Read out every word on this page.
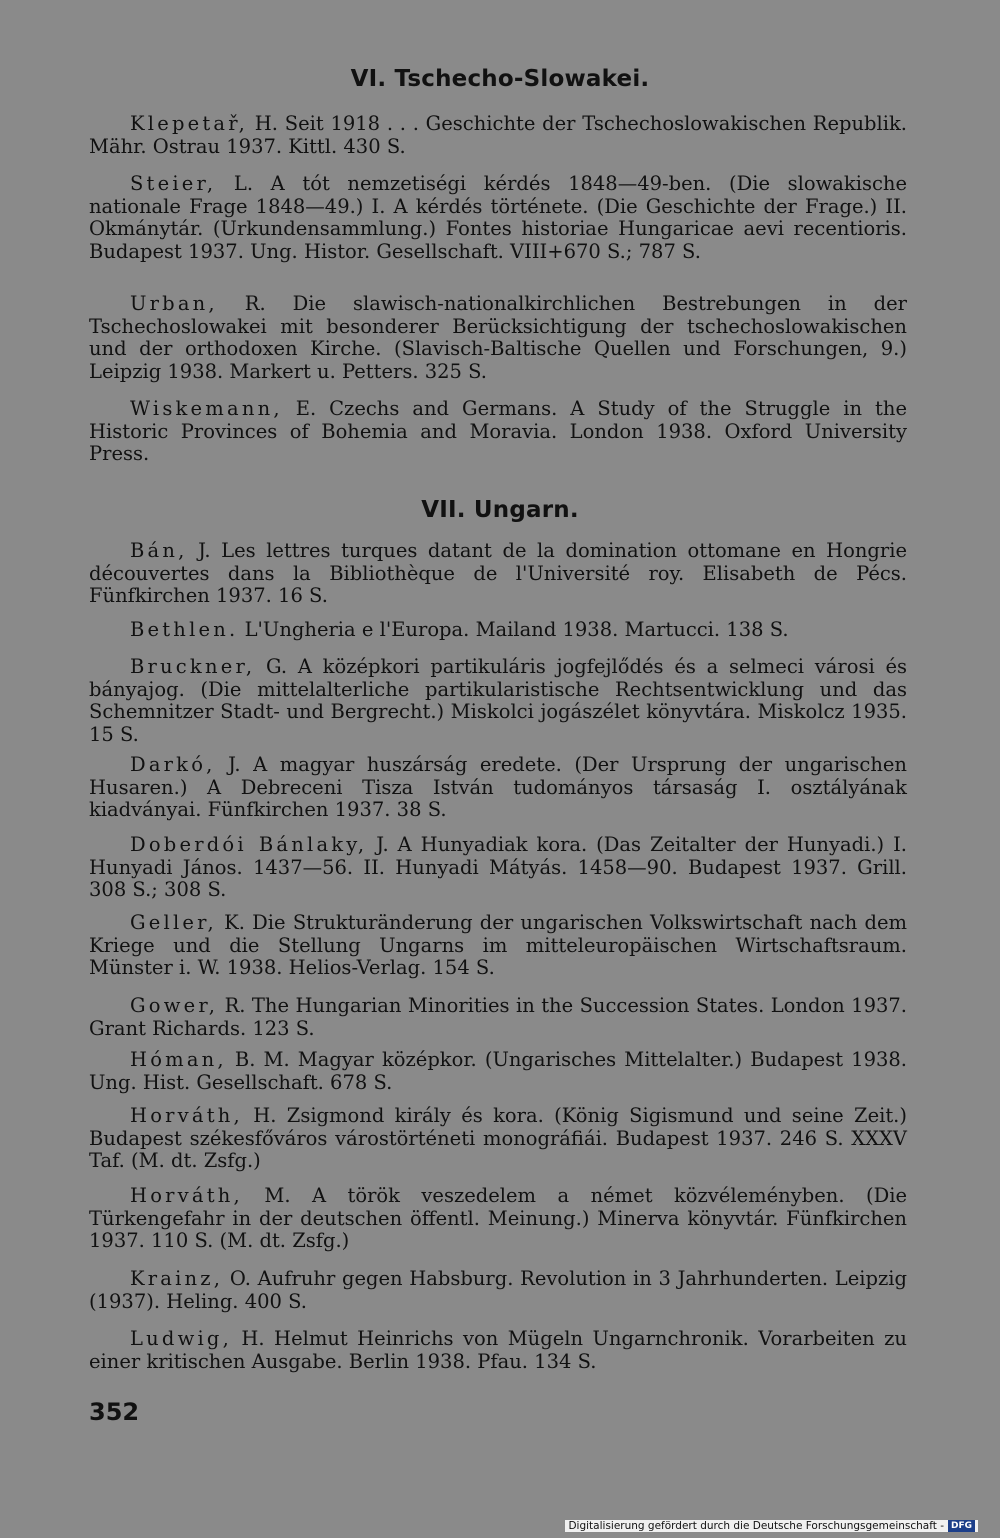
VI. Tschecho-Slowakei.
Klepetař, H. Seit 1918 . . . Geschichte der Tschechoslowakischen Republik. Mähr. Ostrau 1937. Kittl. 430 S.
Steier, L. A tót nemzetiségi kérdés 1848—49-ben. (Die slowakische nationale Frage 1848—49.) I. A kérdés története. (Die Geschichte der Frage.) II. Okmánytár. (Urkundensammlung.) Fontes historiae Hungaricae aevi recentioris. Budapest 1937. Ung. Histor. Gesellschaft. VIII+670 S.; 787 S.
Urban, R. Die slawisch-nationalkirchlichen Bestrebungen in der Tschechoslowakei mit besonderer Berücksichtigung der tschechoslowakischen und der orthodoxen Kirche. (Slavisch-Baltische Quellen und Forschungen, 9.) Leipzig 1938. Markert u. Petters. 325 S.
Wiskemann, E. Czechs and Germans. A Study of the Struggle in the Historic Provinces of Bohemia and Moravia. London 1938. Oxford University Press.
VII. Ungarn.
Bán, J. Les lettres turques datant de la domination ottomane en Hongrie découvertes dans la Bibliothèque de l'Université roy. Elisabeth de Pécs. Fünfkirchen 1937. 16 S.
Bethlen. L'Ungheria e l'Europa. Mailand 1938. Martucci. 138 S.
Bruckner, G. A középkori partikuláris jogfejlődés és a selmeci városi és bányajog. (Die mittelalterliche partikularistische Rechtsentwicklung und das Schemnitzer Stadt- und Bergrecht.) Miskolci jogászélet könyvtára. Miskolcz 1935. 15 S.
Darkó, J. A magyar huszárság eredete. (Der Ursprung der ungarischen Husaren.) A Debreceni Tisza István tudományos társaság I. osztályának kiadványai. Fünfkirchen 1937. 38 S.
Doberdói Bánlaky, J. A Hunyadiak kora. (Das Zeitalter der Hunyadi.) I. Hunyadi János. 1437—56. II. Hunyadi Mátyás. 1458—90. Budapest 1937. Grill. 308 S.; 308 S.
Geller, K. Die Strukturänderung der ungarischen Volkswirtschaft nach dem Kriege und die Stellung Ungarns im mitteleuropäischen Wirtschaftsraum. Münster i. W. 1938. Helios-Verlag. 154 S.
Gower, R. The Hungarian Minorities in the Succession States. London 1937. Grant Richards. 123 S.
Hóman, B. M. Magyar középkor. (Ungarisches Mittelalter.) Budapest 1938. Ung. Hist. Gesellschaft. 678 S.
Horváth, H. Zsigmond király és kora. (König Sigismund und seine Zeit.) Budapest székesfőváros várostörténeti monográfiái. Budapest 1937. 246 S. XXXV Taf. (M. dt. Zsfg.)
Horváth, M. A török veszedelem a német közvéleményben. (Die Türkengefahr in der deutschen öffentl. Meinung.) Minerva könyvtár. Fünfkirchen 1937. 110 S. (M. dt. Zsfg.)
Krainz, O. Aufruhr gegen Habsburg. Revolution in 3 Jahrhunderten. Leipzig (1937). Heling. 400 S.
Ludwig, H. Helmut Heinrichs von Mügeln Ungarnchronik. Vorarbeiten zu einer kritischen Ausgabe. Berlin 1938. Pfau. 134 S.
352
Digitalisierung gefördert durch die Deutsche Forschungsgemeinschaft - DFG
